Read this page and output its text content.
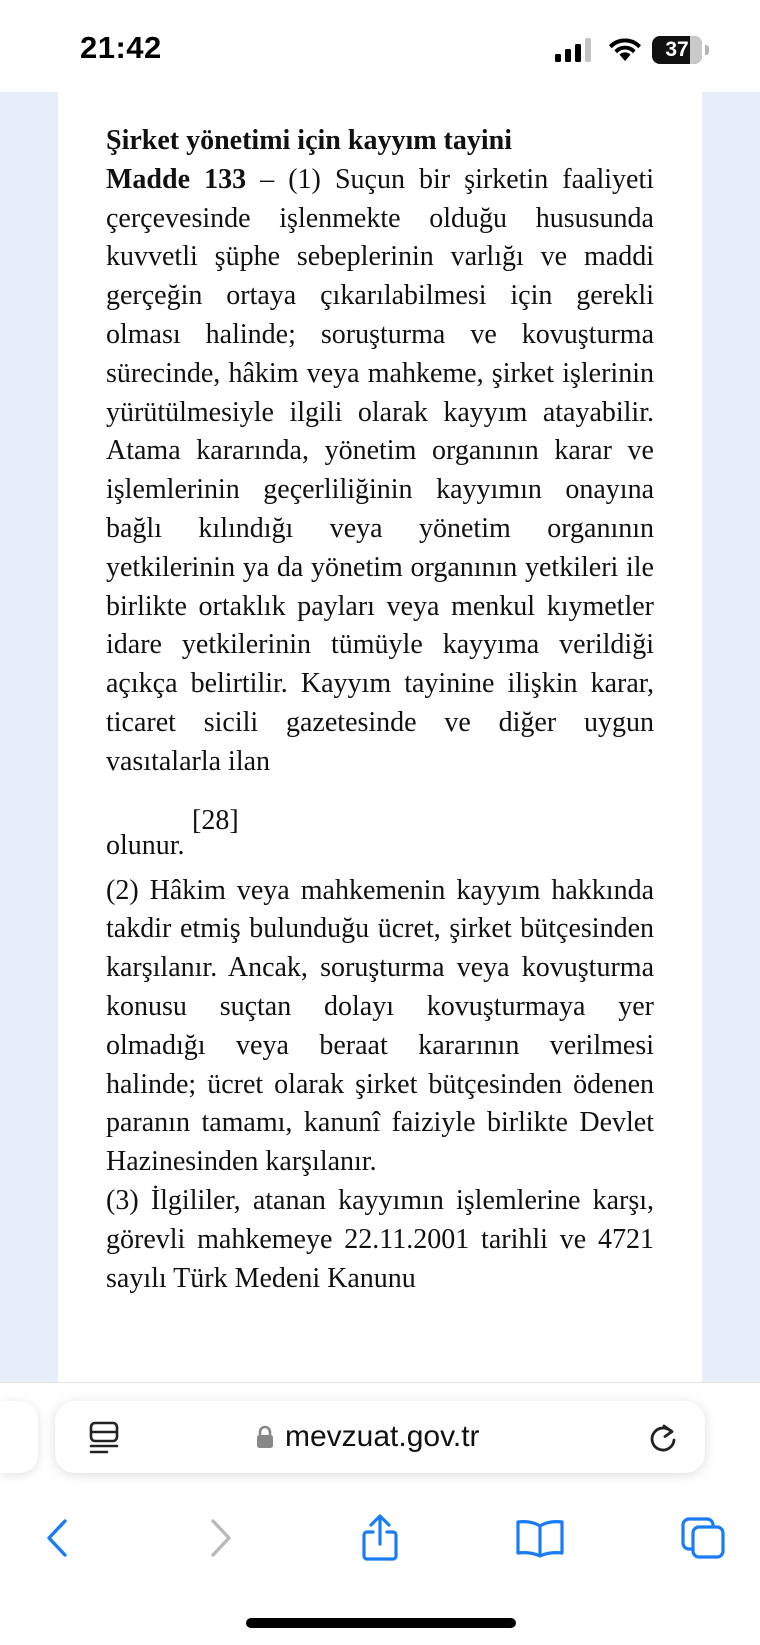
21:42	37

Şirket yönetimi için kayyım tayini

Madde 133 – (1) Suçun bir şirketin faaliyeti çerçevesinde işlenmekte olduğu hususunda kuvvetli şüphe sebeplerinin varlığı ve maddi gerçeğin ortaya çıkarılabilmesi için gerekli olması halinde; soruşturma ve kovuşturma sürecinde, hâkim veya mahkeme, şirket işlerinin yürütülmesiyle ilgili olarak kayyım atayabilir. Atama kararında, yönetim organının karar ve işlemlerinin geçerliliğinin kayyımın onayına bağlı kılındığı veya yönetim organının yetkilerinin ya da yönetim organının yetkileri ile birlikte ortaklık payları veya menkul kıymetler idare yetkilerinin tümüyle kayyıma verildiği açıkça belirtilir. Kayyım tayinine ilişkin karar, ticaret sicili gazetesinde ve diğer uygun vasıtalarla ilan

olunur.
[28]

(2) Hâkim veya mahkemenin kayyım hakkında takdir etmiş bulunduğu ücret, şirket bütçesinden karşılanır. Ancak, soruşturma veya kovuşturma konusu suçtan dolayı kovuşturmaya yer olmadığı veya beraat kararının verilmesi halinde; ücret olarak şirket bütçesinden ödenen paranın tamamı, kanunî faiziyle birlikte Devlet Hazinesinden karşılanır.

(3) İlgililer, atanan kayyımın işlemlerine karşı, görevli mahkemeye 22.11.2001 tarihli ve 4721 sayılı Türk Medeni Kanunu

mevzuat.gov.tr
